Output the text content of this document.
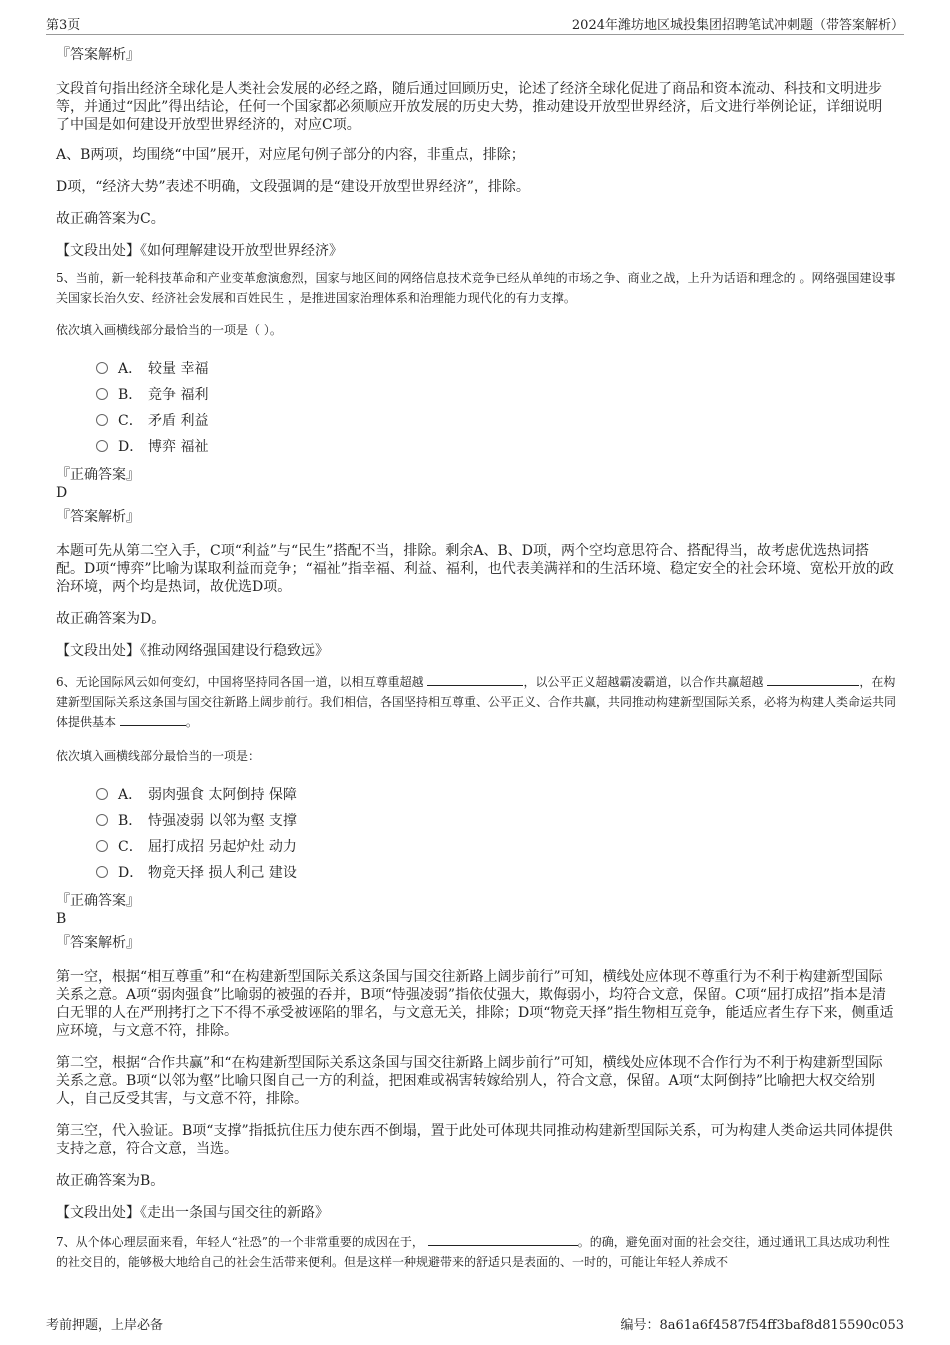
第3页	2024年潍坊地区城投集团招聘笔试冲刺题（带答案解析）

『答案解析』

文段首句指出经济全球化是人类社会发展的必经之路，随后通过回顾历史，论述了经济全球化促进了商品和资本流动、科技和文明进步等，并通过“因此”得出结论，任何一个国家都必须顺应开放发展的历史大势，推动建设开放型世界经济，后文进行举例论证，详细说明了中国是如何建设开放型世界经济的，对应C项。

A、B两项，均围绕“中国”展开，对应尾句例子部分的内容，非重点，排除；

D项，“经济大势”表述不明确，文段强调的是“建设开放型世界经济”，排除。

故正确答案为C。

【文段出处】《如何理解建设开放型世界经济》

5、当前，新一轮科技革命和产业变革愈演愈烈，国家与地区间的网络信息技术竞争已经从单纯的市场之争、商业之战，上升为话语和理念的 。网络强国建设事关国家长治久安、经济社会发展和百姓民生 ，是推进国家治理体系和治理能力现代化的有力支撑。

依次填入画横线部分最恰当的一项是（ ）。

A． 较量 幸福
B． 竞争 福利
C． 矛盾 利益
D． 博弈 福祉

『正确答案』

D

『答案解析』

本题可先从第二空入手，C项“利益”与“民生”搭配不当，排除。剩余A、B、D项，两个空均意思符合、搭配得当，故考虑优选热词搭配。D项“博弈”比喻为谋取利益而竞争；“福祉”指幸福、利益、福利，也代表美满祥和的生活环境、稳定安全的社会环境、宽松开放的政治环境，两个均是热词，故优选D项。

故正确答案为D。

【文段出处】《推动网络强国建设行稳致远》

6、无论国际风云如何变幻，中国将坚持同各国一道，以相互尊重超越	，以公平正义超越霸凌霸道，以合作共赢超越	，在构建新型国际关系这条国与国交往新路上阔步前行。我们相信，各国坚持相互尊重、公平正义、合作共赢，共同推动构建新型国际关系，必将为构建人类命运共同体提供基本	。

依次填入画横线部分最恰当的一项是：

A． 弱肉强食 太阿倒持 保障
B． 恃强凌弱 以邻为壑 支撑
C． 屈打成招 另起炉灶 动力
D． 物竞天择 损人利己 建设

『正确答案』

B

『答案解析』

第一空，根据“相互尊重”和“在构建新型国际关系这条国与国交往新路上阔步前行”可知，横线处应体现不尊重行为不利于构建新型国际关系之意。A项“弱肉强食”比喻弱的被强的吞并，B项“恃强凌弱”指依仗强大，欺侮弱小，均符合文意，保留。C项“屈打成招”指本是清白无罪的人在严刑拷打之下不得不承受被诬陷的罪名，与文意无关，排除；D项“物竞天择”指生物相互竞争，能适应者生存下来，侧重适应环境，与文意不符，排除。

第二空，根据“合作共赢”和“在构建新型国际关系这条国与国交往新路上阔步前行”可知，横线处应体现不合作行为不利于构建新型国际关系之意。B项“以邻为壑”比喻只图自己一方的利益，把困难或祸害转嫁给别人，符合文意，保留。A项“太阿倒持”比喻把大权交给别人，自己反受其害，与文意不符，排除。

第三空，代入验证。B项“支撑”指抵抗住压力使东西不倒塌，置于此处可体现共同推动构建新型国际关系，可为构建人类命运共同体提供支持之意，符合文意，当选。

故正确答案为B。

【文段出处】《走出一条国与国交往的新路》

7、从个体心理层面来看，年轻人“社恐”的一个非常重要的成因在于，	。的确，避免面对面的社会交往，通过通讯工具达成功利性的社交目的，能够极大地给自己的社会生活带来便利。但是这样一种规避带来的舒适只是表面的、一时的，可能让年轻人养成不

考前押题，上岸必备	编号：8a61a6f4587f54ff3baf8d815590c053
